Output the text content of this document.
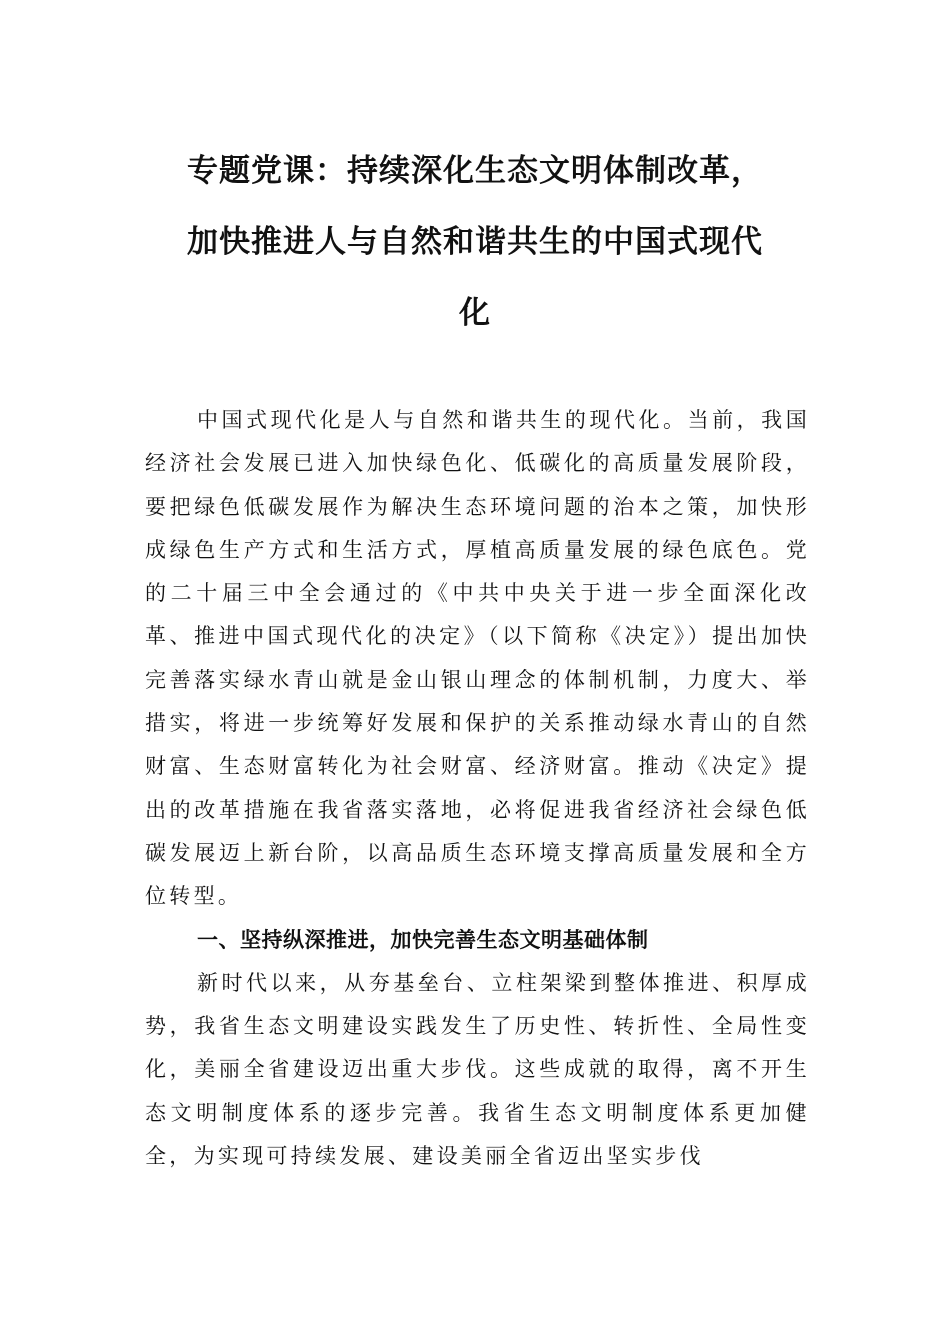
专题党课：持续深化生态文明体制改革，
加快推进人与自然和谐共生的中国式现代
化

中国式现代化是人与自然和谐共生的现代化。当前，我国经济社会发展已进入加快绿色化、低碳化的高质量发展阶段，要把绿色低碳发展作为解决生态环境问题的治本之策，加快形成绿色生产方式和生活方式，厚植高质量发展的绿色底色。党的二十届三中全会通过的《中共中央关于进一步全面深化改革、推进中国式现代化的决定》（以下简称《决定》）提出加快完善落实绿水青山就是金山银山理念的体制机制，力度大、举措实，将进一步统筹好发展和保护的关系推动绿水青山的自然财富、生态财富转化为社会财富、经济财富。推动《决定》提出的改革措施在我省落实落地，必将促进我省经济社会绿色低碳发展迈上新台阶，以高品质生态环境支撑高质量发展和全方位转型。

一、坚持纵深推进，加快完善生态文明基础体制

新时代以来，从夯基垒台、立柱架梁到整体推进、积厚成势，我省生态文明建设实践发生了历史性、转折性、全局性变化，美丽全省建设迈出重大步伐。这些成就的取得，离不开生态文明制度体系的逐步完善。我省生态文明制度体系更加健全，为实现可持续发展、建设美丽全省迈出坚实步伐
